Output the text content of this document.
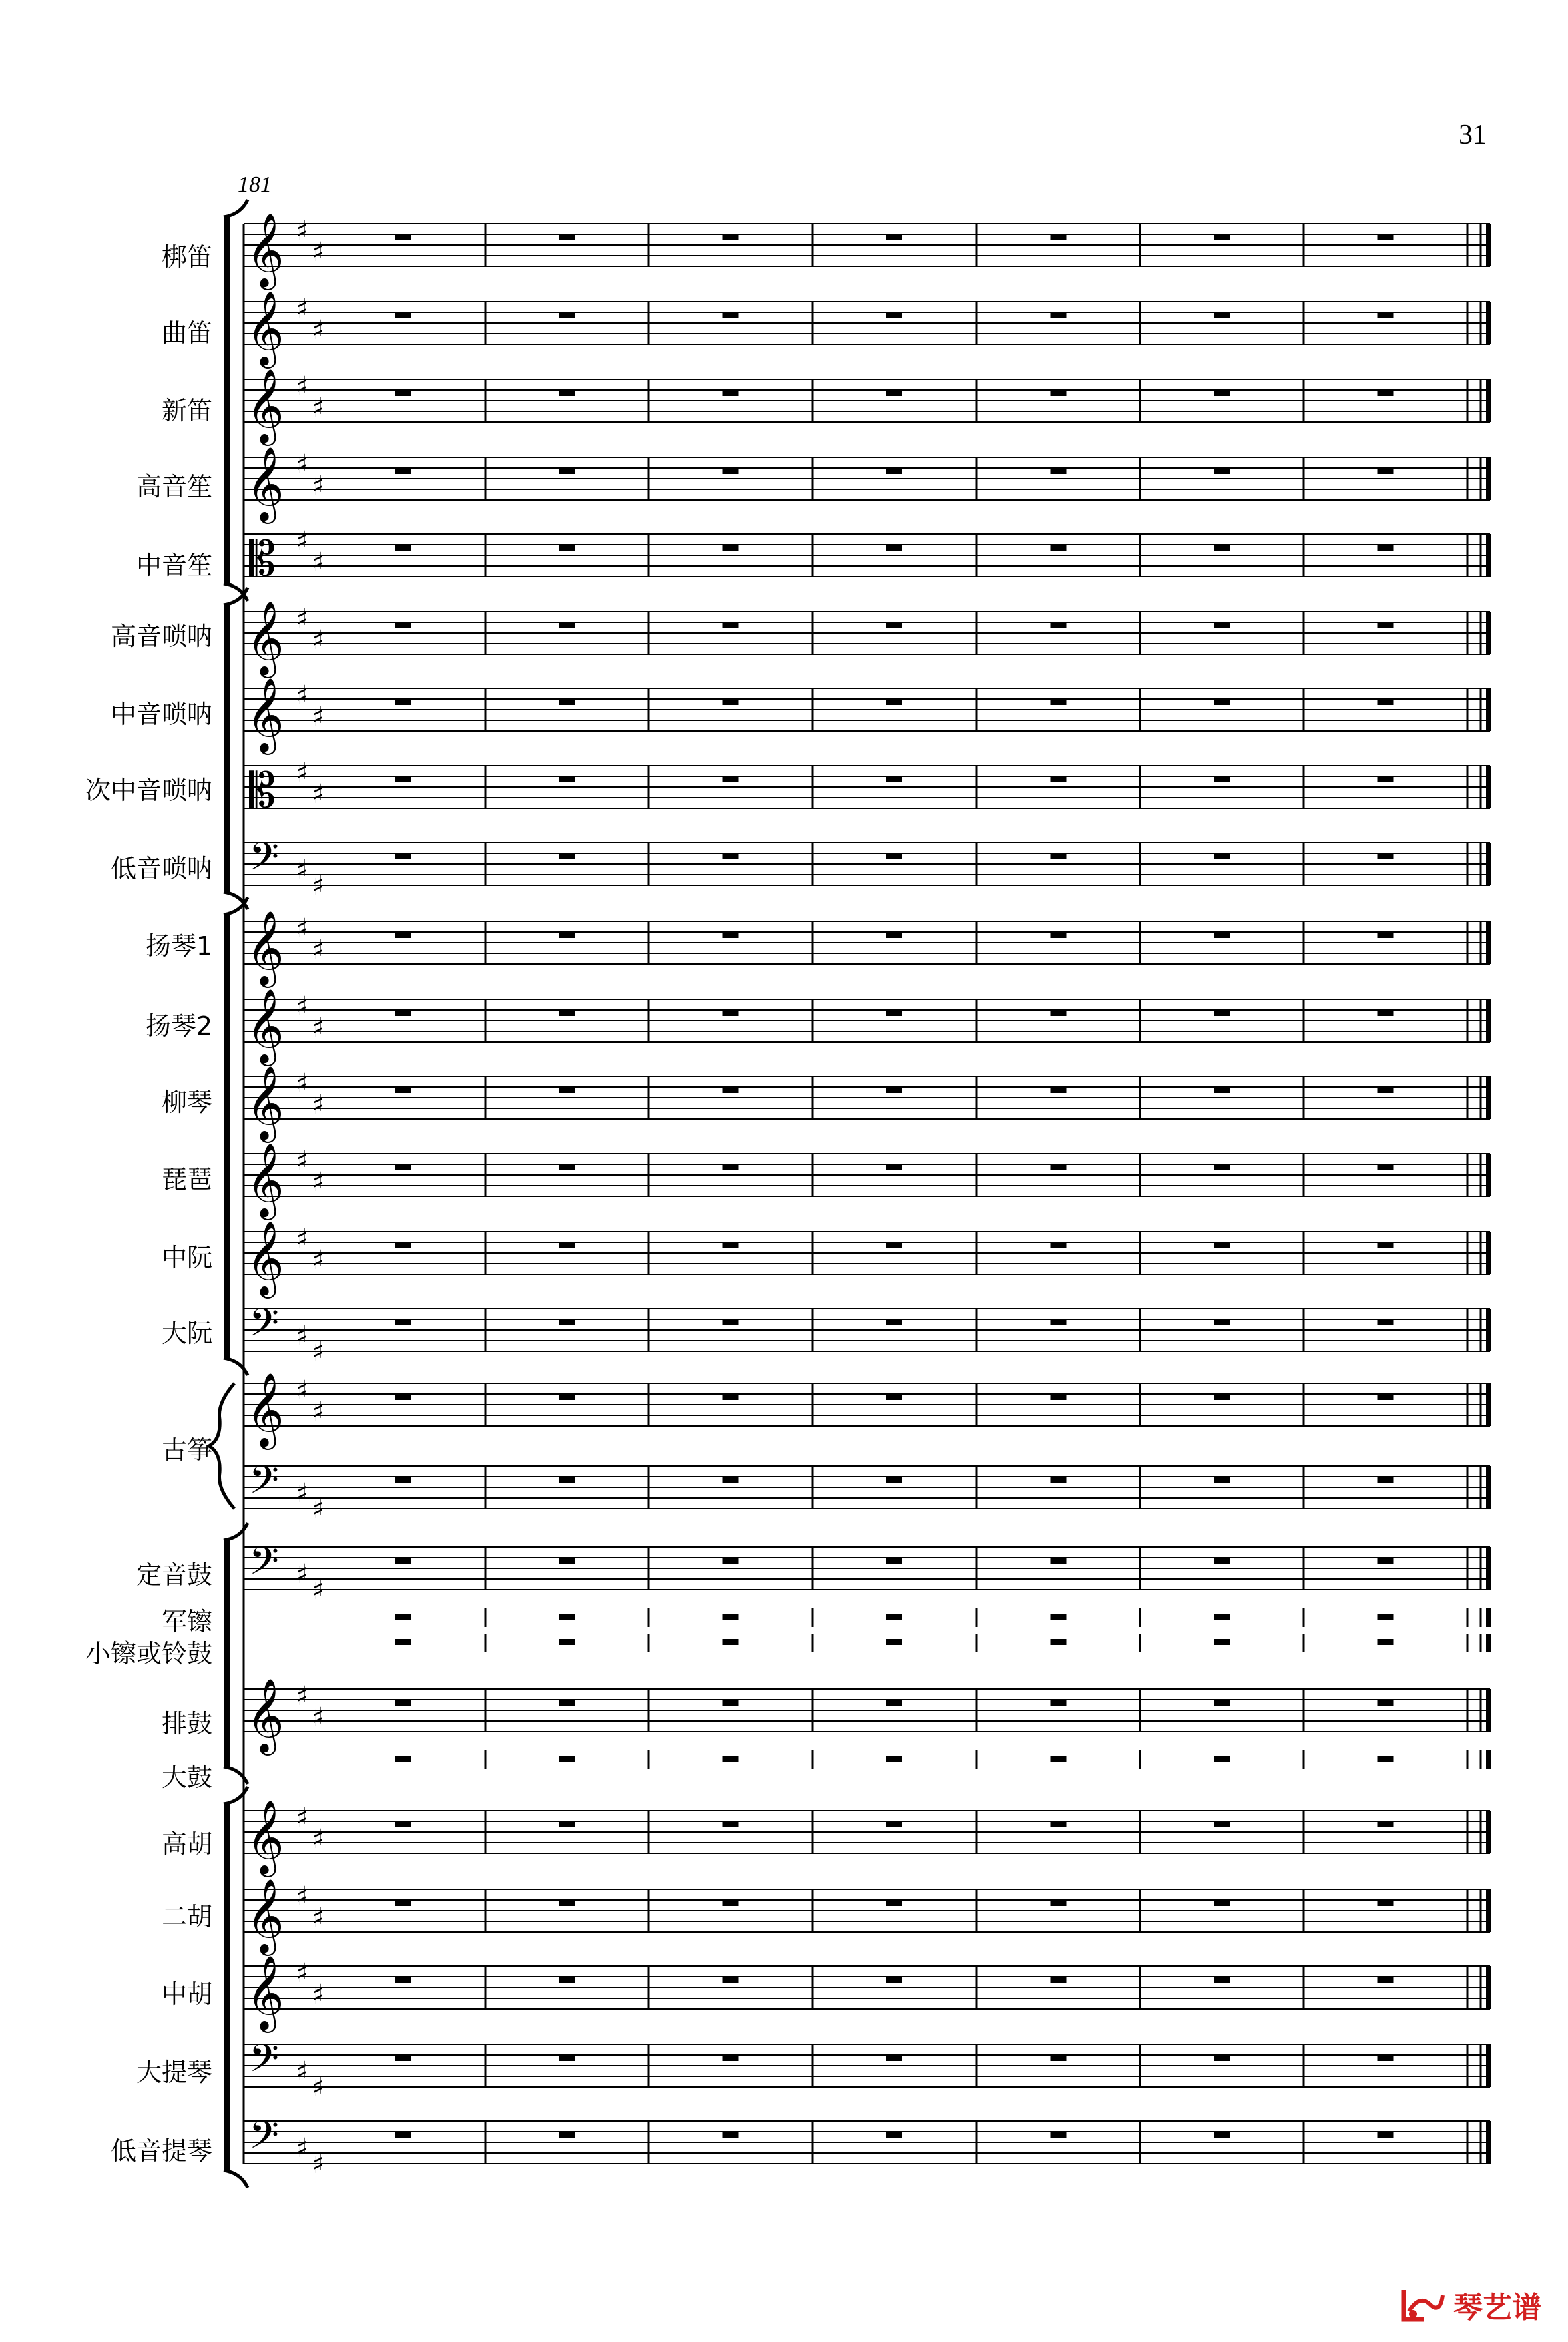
31
181
𝄞 ♯
♯
𝄞 ♯
♯
𝄞 ♯
♯
𝄞 ♯
♯
𝄡 ♯
♯
𝄞 ♯
♯
𝄞 ♯
♯
𝄡 ♯
♯
𝄢 ♯
♯
𝄞 ♯
♯
𝄞 ♯
♯
𝄞 ♯
♯
𝄞 ♯
♯
𝄞 ♯
♯
𝄢 ♯
♯
𝄞 ♯
♯
𝄢 ♯
♯
𝄢 ♯
♯
𝄞 ♯
♯
𝄞 ♯
♯
𝄞 ♯
♯
𝄞 ♯
♯
𝄢 ♯
♯
𝄢 ♯
♯
梆笛
曲笛
新笛
高音笙
中音笙
高音唢呐
中音唢呐
次中音唢呐
低音唢呐
扬琴1
扬琴2
柳琴
琵琶
中阮
大阮
古筝
定音鼓
军镲
小镲或铃鼓
排鼓
大鼓
高胡
二胡
中胡
大提琴
低音提琴
琴艺谱
